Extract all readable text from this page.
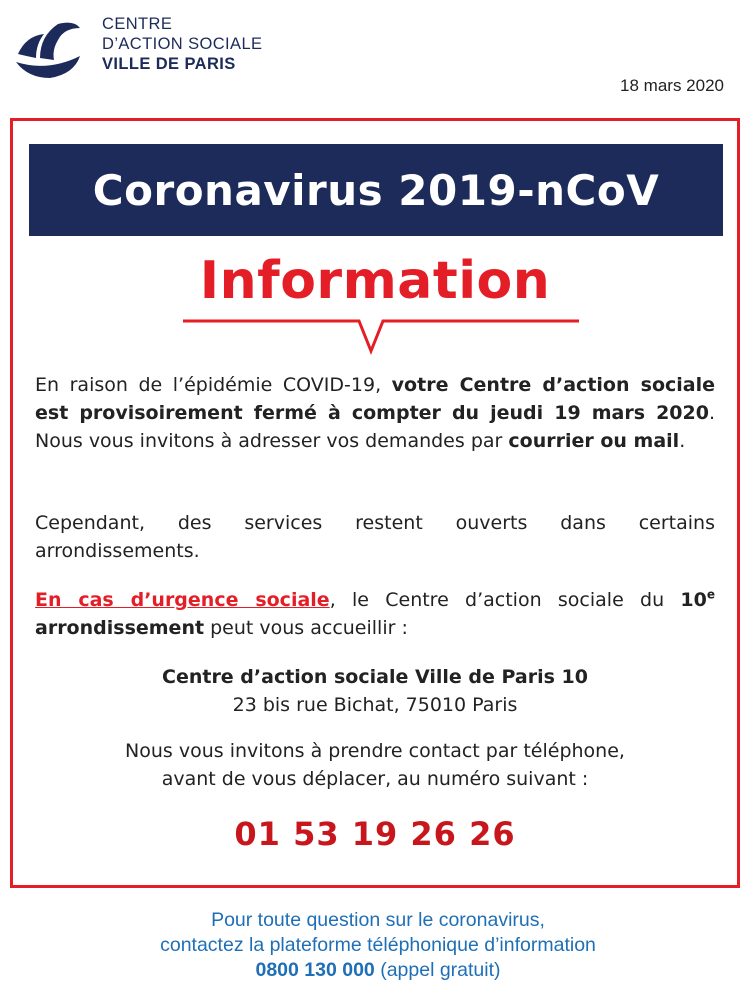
CENTRE
D’ACTION SOCIALE
VILLE DE PARIS
18 mars 2020
Coronavirus 2019-nCoV
Information
En raison de l’épidémie COVID-19, votre Centre d’action sociale est provisoirement fermé à compter du jeudi 19 mars 2020. Nous vous invitons à adresser vos demandes par courrier ou mail.
Cependant, des services restent ouverts dans certains arrondissements.
En cas d’urgence sociale, le Centre d’action sociale du 10e arrondissement peut vous accueillir :
Centre d’action sociale Ville de Paris 10
23 bis rue Bichat, 75010 Paris
Nous vous invitons à prendre contact par téléphone,
avant de vous déplacer, au numéro suivant :
01 53 19 26 26
Pour toute question sur le coronavirus,
contactez la plateforme téléphonique d’information
0800 130 000 (appel gratuit)
